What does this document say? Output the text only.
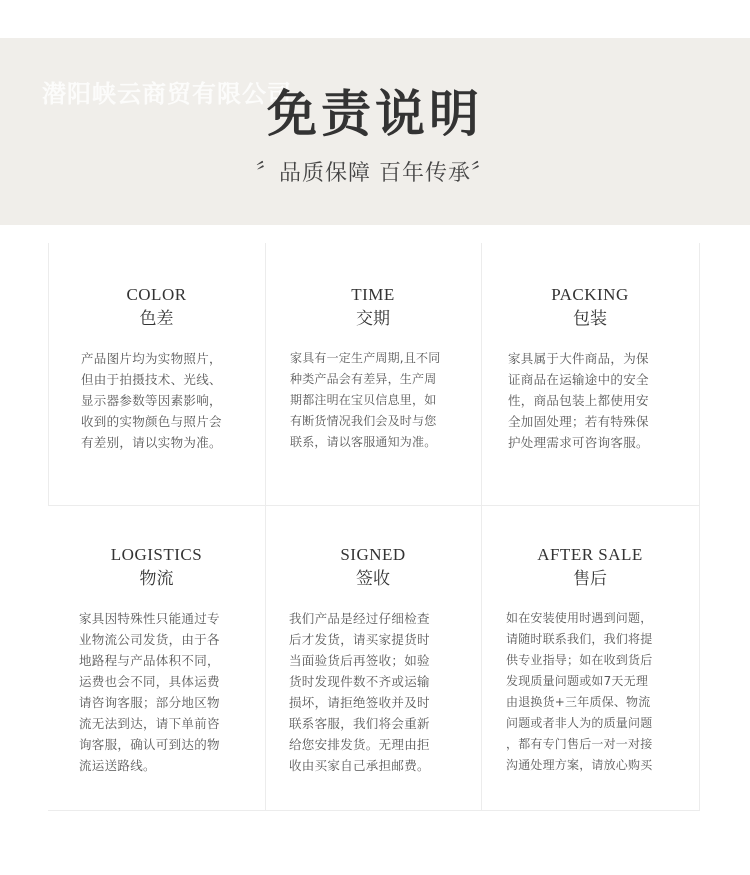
潜阳峡云商贸有限公司
免责说明
〞品质保障 百年传承〞
COLOR
色差
产品图片均为实物照片，
但由于拍摄技术、光线、
显示器参数等因素影响，
收到的实物颜色与照片会
有差别，请以实物为准。
TIME
交期
家具有一定生产周期,且不同
种类产品会有差异，生产周
期都注明在宝贝信息里，如
有断货情况我们会及时与您
联系，请以客服通知为准。
PACKING
包装
家具属于大件商品，为保
证商品在运输途中的安全
性，商品包装上都使用安
全加固处理；若有特殊保
护处理需求可咨询客服。
LOGISTICS
物流
家具因特殊性只能通过专
业物流公司发货，由于各
地路程与产品体积不同，
运费也会不同，具体运费
请咨询客服；部分地区物
流无法到达，请下单前咨
询客服，确认可到达的物
流运送路线。
SIGNED
签收
我们产品是经过仔细检查
后才发货，请买家提货时
当面验货后再签收；如验
货时发现件数不齐或运输
损坏，请拒绝签收并及时
联系客服，我们将会重新
给您安排发货。无理由拒
收由买家自己承担邮费。
AFTER SALE
售后
如在安装使用时遇到问题，
请随时联系我们，我们将提
供专业指导；如在收到货后
发现质量问题或如7天无理
由退换货+三年质保、物流
问题或者非人为的质量问题
，都有专门售后一对一对接
沟通处理方案，请放心购买
